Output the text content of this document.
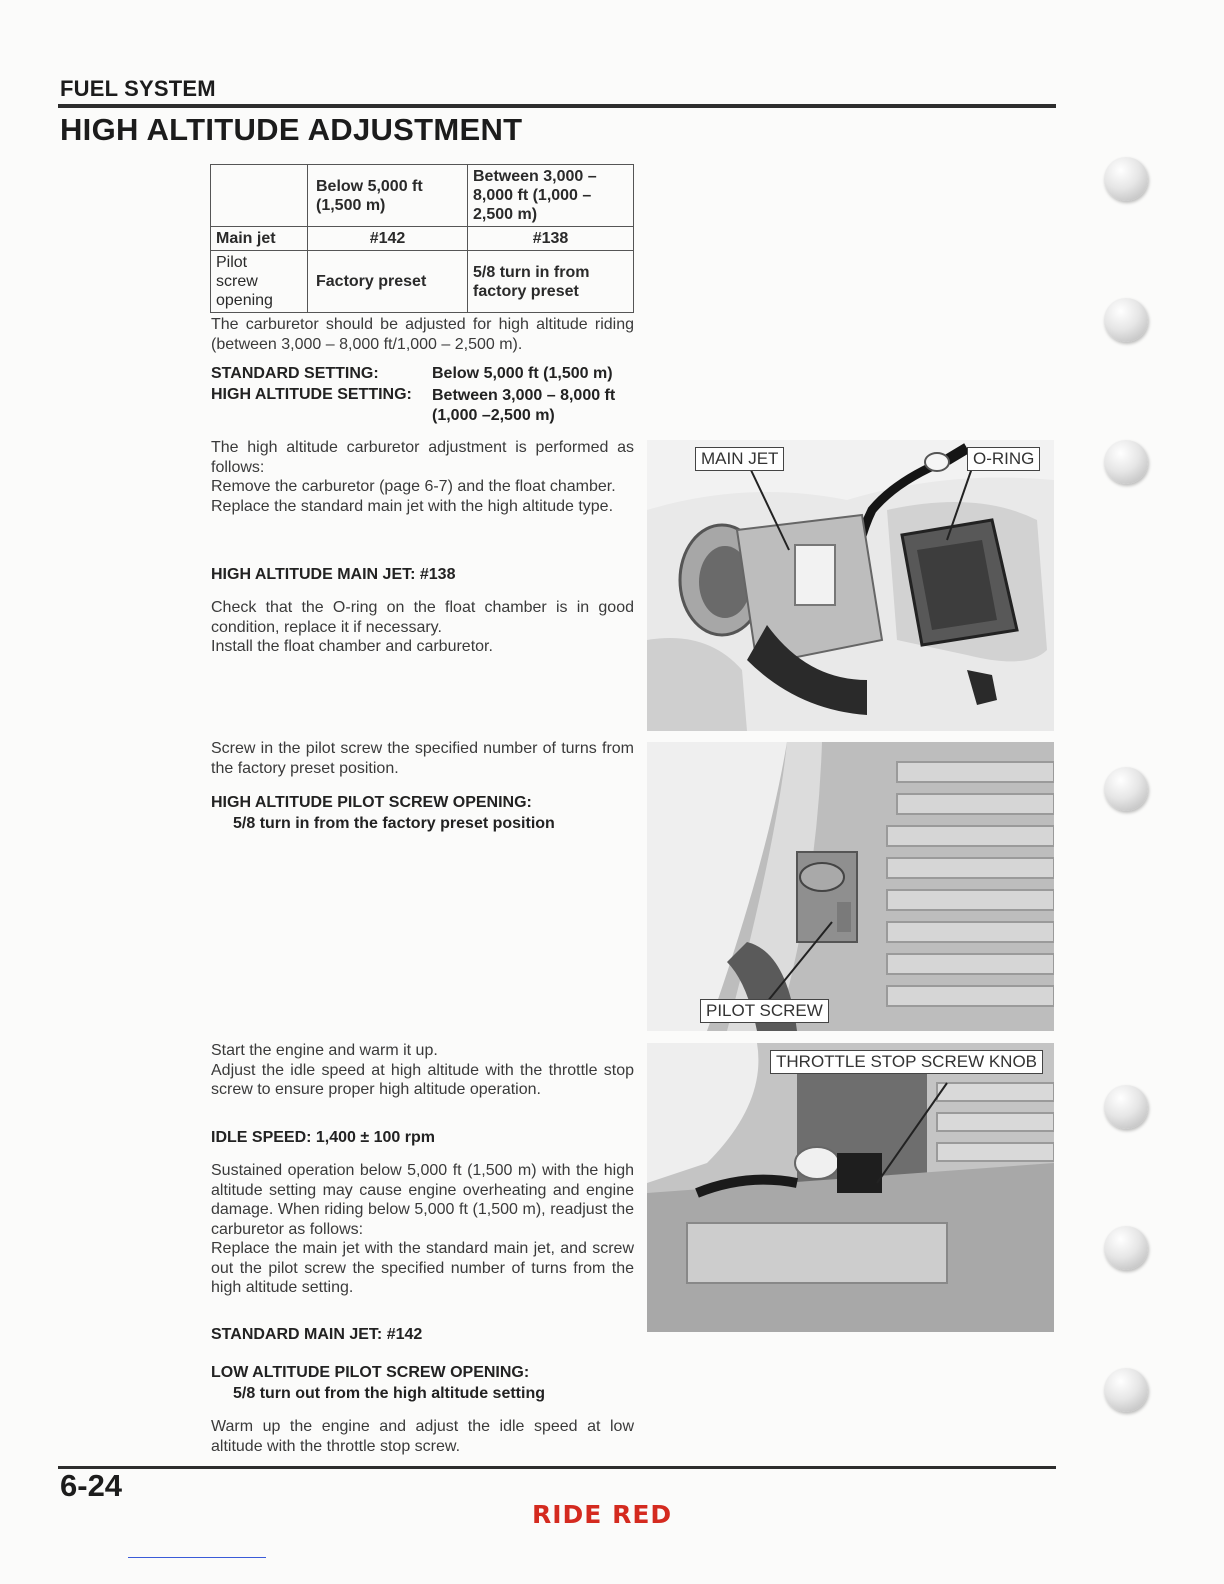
FUEL SYSTEM
HIGH ALTITUDE ADJUSTMENT
	Below 5,000 ft (1,500 m)	Between 3,000 – 8,000 ft (1,000 – 2,500 m)
Main jet	#142	#138
Pilot screw opening	Factory preset	5/8 turn in from factory preset
The carburetor should be adjusted for high altitude riding (between 3,000 – 8,000 ft/1,000 – 2,500 m).
STANDARD SETTING:	Below 5,000 ft (1,500 m)
HIGH ALTITUDE SETTING: Between 3,000 – 8,000 ft (1,000 –2,500 m)

The high altitude carburetor adjustment is performed as follows:

Remove the carburetor (page 6-7) and the float chamber.

Replace the standard main jet with the high altitude type.

HIGH ALTITUDE MAIN JET: #138

Check that the O-ring on the float chamber is in good condition, replace it if necessary.

Install the float chamber and carburetor.

Screw in the pilot screw the specified number of turns from the factory preset position.
HIGH ALTITUDE PILOT SCREW OPENING:
5/8 turn in from the factory preset position

Start the engine and warm it up.

Adjust the idle speed at high altitude with the throttle stop screw to ensure proper high altitude operation.

IDLE SPEED: 1,400 ± 100 rpm

Sustained operation below 5,000 ft (1,500 m) with the high altitude setting may cause engine overheating and engine damage. When riding below 5,000 ft (1,500 m), readjust the carburetor as follows:

Replace the main jet with the standard main jet, and screw out the pilot screw the specified number of turns from the high altitude setting.

STANDARD MAIN JET: #142
LOW ALTITUDE PILOT SCREW OPENING:
5/8 turn out from the high altitude setting
Warm up the engine and adjust the idle speed at low altitude with the throttle stop screw.
MAIN JET	O-RING
PILOT SCREW
THROTTLE STOP SCREW KNOB
6-24
RIDE RED
